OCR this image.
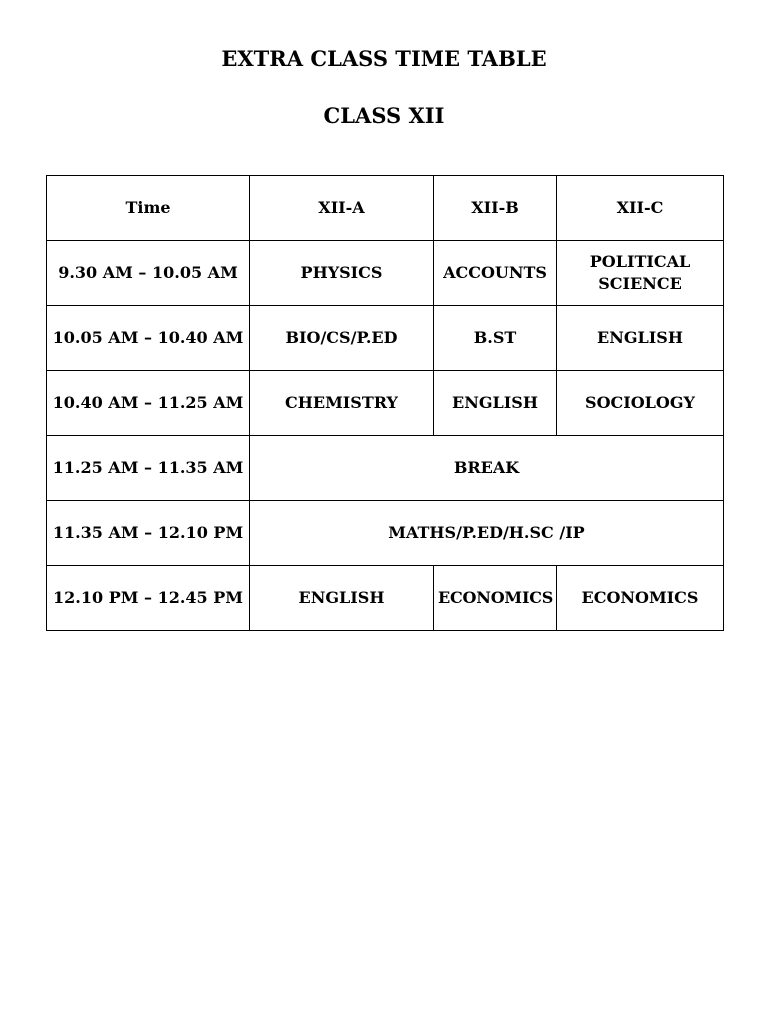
EXTRA CLASS TIME TABLE
CLASS XII
Time	XII-A	XII-B	XII-C
9.30 AM – 10.05 AM	PHYSICS	ACCOUNTS	POLITICAL
SCIENCE

10.05 AM – 10.40 AM	BIO/CS/P.ED	B.ST	ENGLISH
10.40 AM – 11.25 AM	CHEMISTRY	ENGLISH	SOCIOLOGY
11.25 AM – 11.35 AM	BREAK		
11.35 AM – 12.10 PM	MATHS/P.ED/H.SC /IP		
12.10 PM – 12.45 PM	ENGLISH	ECONOMICS	ECONOMICS
